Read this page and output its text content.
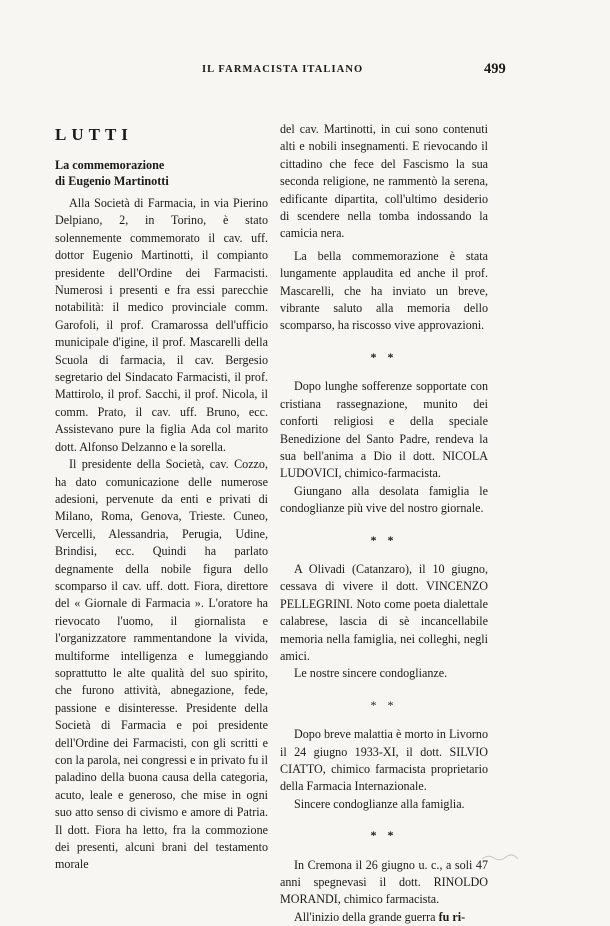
IL FARMACISTA ITALIANO	499
LUTTI
La commemorazione
di Eugenio Martinotti

Alla Società di Farmacia, in via Pierino Delpiano, 2, in Torino, è stato solennemente commemorato il cav. uff. dottor Eugenio Martinotti, il compianto presidente dell'Ordine dei Farmacisti. Numerosi i presenti e fra essi parecchie notabilità: il medico provinciale comm. Garofoli, il prof. Cramarossa dell'ufficio municipale d'igine, il prof. Mascarelli della Scuola di farmacia, il cav. Bergesio segretario del Sindacato Farmacisti, il prof. Mattirolo, il prof. Sacchi, il prof. Nicola, il comm. Prato, il cav. uff. Bruno, ecc. Assistevano pure la figlia Ada col marito dott. Alfonso Delzanno e la sorella.

Il presidente della Società, cav. Cozzo, ha dato comunicazione delle numerose adesioni, pervenute da enti e privati di Milano, Roma, Genova, Trieste. Cuneo, Vercelli, Alessandria, Perugia, Udine, Brindisi, ecc. Quindi ha parlato degnamente della nobile figura dello scomparso il cav. uff. dott. Fiora, direttore del « Giornale di Farmacia ». L'oratore ha rievocato l'uomo, il giornalista e l'organizzatore rammentandone la vivida, multiforme intelligenza e lumeggiando soprattutto le alte qualità del suo spirito, che furono attività, abnegazione, fede, passione e disinteresse. Presidente della Società di Farmacia e poi presidente dell'Ordine dei Farmacisti, con gli scritti e con la parola, nei congressi e in privato fu il paladino della buona causa della categoria, acuto, leale e generoso, che mise in ogni suo atto senso di civismo e amore di Patria. Il dott. Fiora ha letto, fra la commozione dei presenti, alcuni brani del testamento morale

del cav. Martinotti, in cui sono contenuti alti e nobili insegnamenti. E rievocando il cittadino che fece del Fascismo la sua seconda religione, ne rammentò la serena, edificante dipartita, coll'ultimo desiderio di scendere nella tomba indossando la camicia nera.

La bella commemorazione è stata lungamente applaudita ed anche il prof. Mascarelli, che ha inviato un breve, vibrante saluto alla memoria dello scomparso, ha riscosso vive approvazioni.

* *

Dopo lunghe sofferenze sopportate con cristiana rassegnazione, munito dei conforti religiosi e della speciale Benedizione del Santo Padre, rendeva la sua bell'anima a Dio il dott. NICOLA LUDOVICI, chimico-farmacista.

Giungano alla desolata famiglia le condoglianze più vive del nostro giornale.

* *

A Olivadi (Catanzaro), il 10 giugno, cessava di vivere il dott. VINCENZO PELLEGRINI. Noto come poeta dialettale calabrese, lascia di sè incancellabile memoria nella famiglia, nei colleghi, negli amici.

Le nostre sincere condoglianze.

* *

Dopo breve malattia è morto in Livorno il 24 giugno 1933-XI, il dott. SILVIO CIATTO, chimico farmacista proprietario della Farmacia Internazionale.

Sincere condoglianze alla famiglia.

* *

In Cremona il 26 giugno u. c., a soli 47 anni spegnevasi il dott. RINOLDO MORANDI, chimico farmacista.

All'inizio della grande guerra fu ri-
